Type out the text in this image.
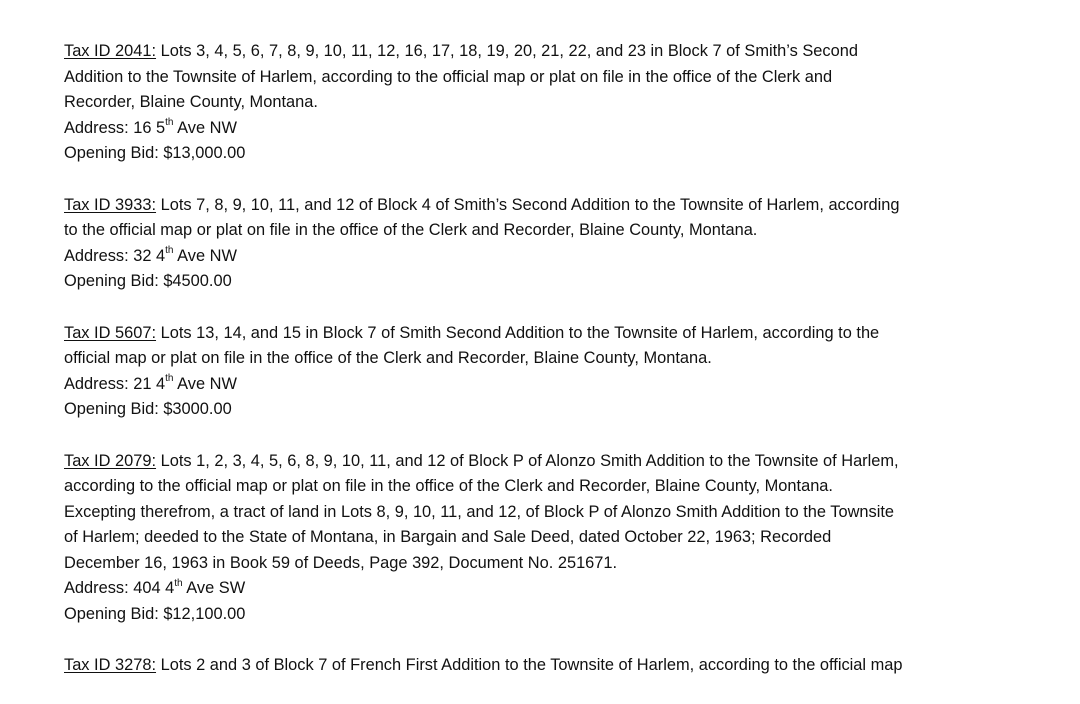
Tax ID 2041: Lots 3, 4, 5, 6, 7, 8, 9, 10, 11, 12, 16, 17, 18, 19, 20, 21, 22, and 23 in Block 7 of Smith’s Second
Addition to the Townsite of Harlem, according to the official map or plat on file in the office of the Clerk and
Recorder, Blaine County, Montana.
Address: 16 5th Ave NW
Opening Bid: $13,000.00
Tax ID 3933: Lots 7, 8, 9, 10, 11, and 12 of Block 4 of Smith’s Second Addition to the Townsite of Harlem, according
to the official map or plat on file in the office of the Clerk and Recorder, Blaine County, Montana.
Address: 32 4th Ave NW
Opening Bid: $4500.00
Tax ID 5607: Lots 13, 14, and 15 in Block 7 of Smith Second Addition to the Townsite of Harlem, according to the
official map or plat on file in the office of the Clerk and Recorder, Blaine County, Montana.
Address: 21 4th Ave NW
Opening Bid: $3000.00
Tax ID 2079: Lots 1, 2, 3, 4, 5, 6, 8, 9, 10, 11, and 12 of Block P of Alonzo Smith Addition to the Townsite of Harlem,
according to the official map or plat on file in the office of the Clerk and Recorder, Blaine County, Montana.
Excepting therefrom, a tract of land in Lots 8, 9, 10, 11, and 12, of Block P of Alonzo Smith Addition to the Townsite
of Harlem; deeded to the State of Montana, in Bargain and Sale Deed, dated October 22, 1963; Recorded
December 16, 1963 in Book 59 of Deeds, Page 392, Document No. 251671.
Address: 404 4th Ave SW
Opening Bid: $12,100.00
Tax ID 3278: Lots 2 and 3 of Block 7 of French First Addition to the Townsite of Harlem, according to the official map
